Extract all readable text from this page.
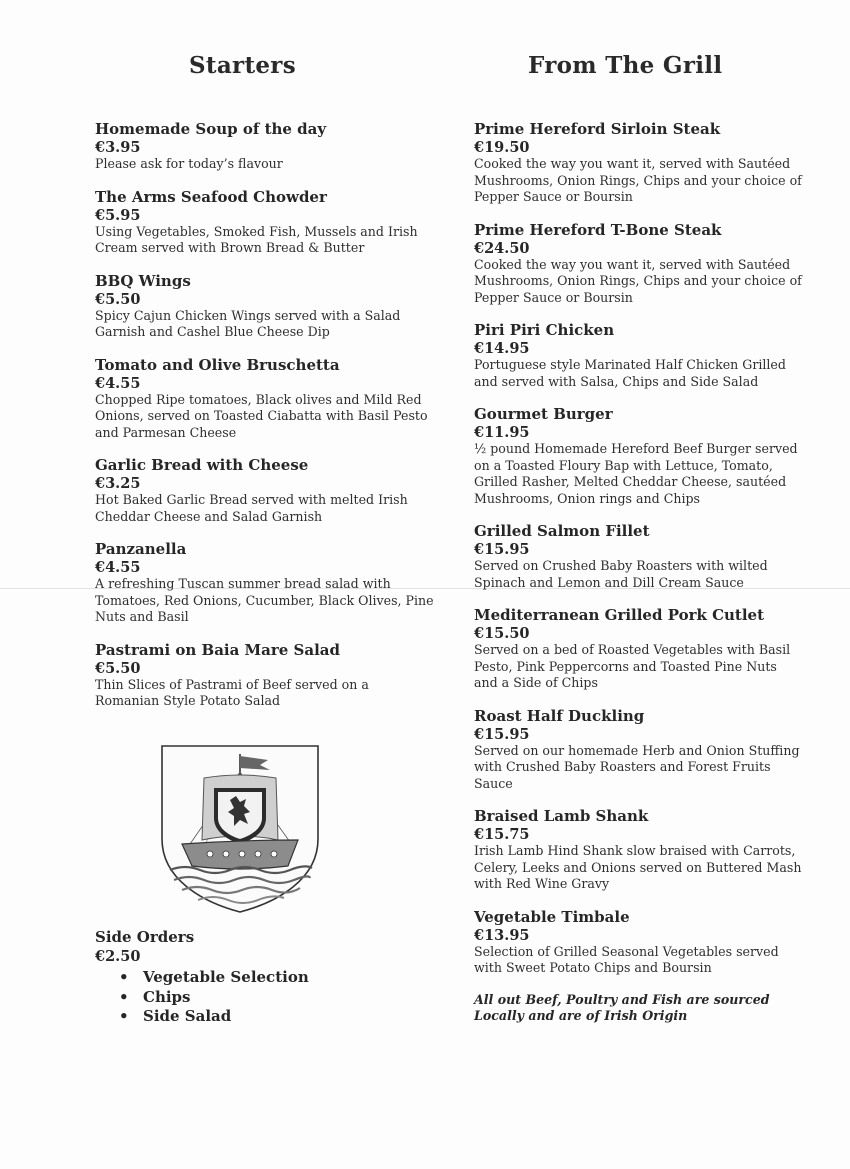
Starters
Homemade Soup of the day
€3.95
Please ask for today’s flavour
The Arms Seafood Chowder
€5.95
Using Vegetables, Smoked Fish, Mussels and Irish Cream served with Brown Bread & Butter
BBQ Wings
€5.50
Spicy Cajun Chicken Wings served with a Salad Garnish and Cashel Blue Cheese Dip
Tomato and Olive Bruschetta
€4.55
Chopped Ripe tomatoes, Black olives and Mild Red Onions, served on Toasted Ciabatta with Basil Pesto and Parmesan Cheese
Garlic Bread with Cheese
€3.25
Hot Baked Garlic Bread served with melted Irish Cheddar Cheese and Salad Garnish
Panzanella
€4.55
A refreshing Tuscan summer bread salad with Tomatoes, Red Onions, Cucumber, Black Olives, Pine Nuts and Basil
Pastrami on Baia Mare Salad
€5.50
Thin Slices of Pastrami of Beef served on a Romanian Style Potato Salad
Side Orders
€2.50
• Vegetable Selection
• Chips
• Side Salad
From The Grill
Prime Hereford Sirloin Steak
€19.50
Cooked the way you want it, served with Sautéed Mushrooms, Onion Rings, Chips and your choice of Pepper Sauce or Boursin
Prime Hereford T-Bone Steak
€24.50
Cooked the way you want it, served with Sautéed Mushrooms, Onion Rings, Chips and your choice of Pepper Sauce or Boursin
Piri Piri Chicken
€14.95
Portuguese style Marinated Half Chicken Grilled and served with Salsa, Chips and Side Salad
Gourmet Burger
€11.95
½ pound Homemade Hereford Beef Burger served on a Toasted Floury Bap with Lettuce, Tomato, Grilled Rasher, Melted Cheddar Cheese, sautéed Mushrooms, Onion rings and Chips
Grilled Salmon Fillet
€15.95
Served on Crushed Baby Roasters with wilted Spinach and Lemon and Dill Cream Sauce
Mediterranean Grilled Pork Cutlet
€15.50
Served on a bed of Roasted Vegetables with Basil Pesto, Pink Peppercorns and Toasted Pine Nuts and a Side of Chips
Roast Half Duckling
€15.95
Served on our homemade Herb and Onion Stuffing with Crushed Baby Roasters and Forest Fruits Sauce
Braised Lamb Shank
€15.75
Irish Lamb Hind Shank slow braised with Carrots, Celery, Leeks and Onions served on Buttered Mash with Red Wine Gravy
Vegetable Timbale
€13.95
Selection of Grilled Seasonal Vegetables served with Sweet Potato Chips and Boursin
All out Beef, Poultry and Fish are sourced Locally and are of Irish Origin
